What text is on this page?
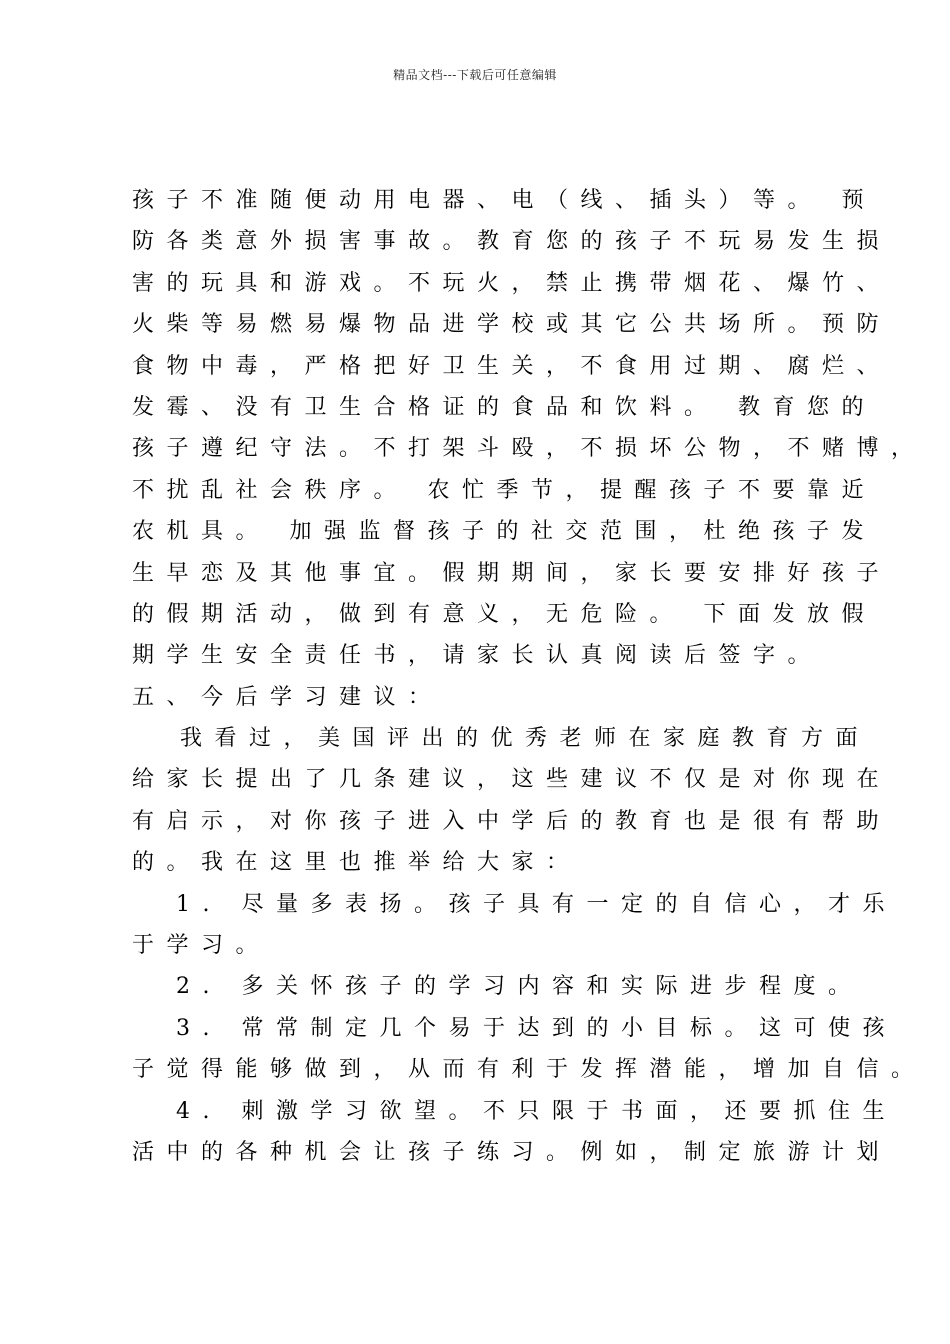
精品文档---下载后可任意编辑
孩子不准随便动用电器、电（线、插头）等。 预
防各类意外损害事故。教育您的孩子不玩易发生损
害的玩具和游戏。不玩火，禁止携带烟花、爆竹、
火柴等易燃易爆物品进学校或其它公共场所。预防
食物中毒，严格把好卫生关，不食用过期、腐烂、
发霉、没有卫生合格证的食品和饮料。 教育您的
孩子遵纪守法。不打架斗殴，不损坏公物，不赌博，
不扰乱社会秩序。 农忙季节，提醒孩子不要靠近
农机具。 加强监督孩子的社交范围，杜绝孩子发
生早恋及其他事宜。假期期间，家长要安排好孩子
的假期活动，做到有意义，无危险。 下面发放假
期学生安全责任书，请家长认真阅读后签字。
五、今后学习建议：
我看过，美国评出的优秀老师在家庭教育方面
给家长提出了几条建议，这些建议不仅是对你现在
有启示，对你孩子进入中学后的教育也是很有帮助
的。我在这里也推举给大家：
1. 尽量多表扬。孩子具有一定的自信心，才乐
于学习。
2. 多关怀孩子的学习内容和实际进步程度。
3. 常常制定几个易于达到的小目标。这可使孩
子觉得能够做到，从而有利于发挥潜能，增加自信。
4. 刺激学习欲望。不只限于书面，还要抓住生
活中的各种机会让孩子练习。例如，制定旅游计划
